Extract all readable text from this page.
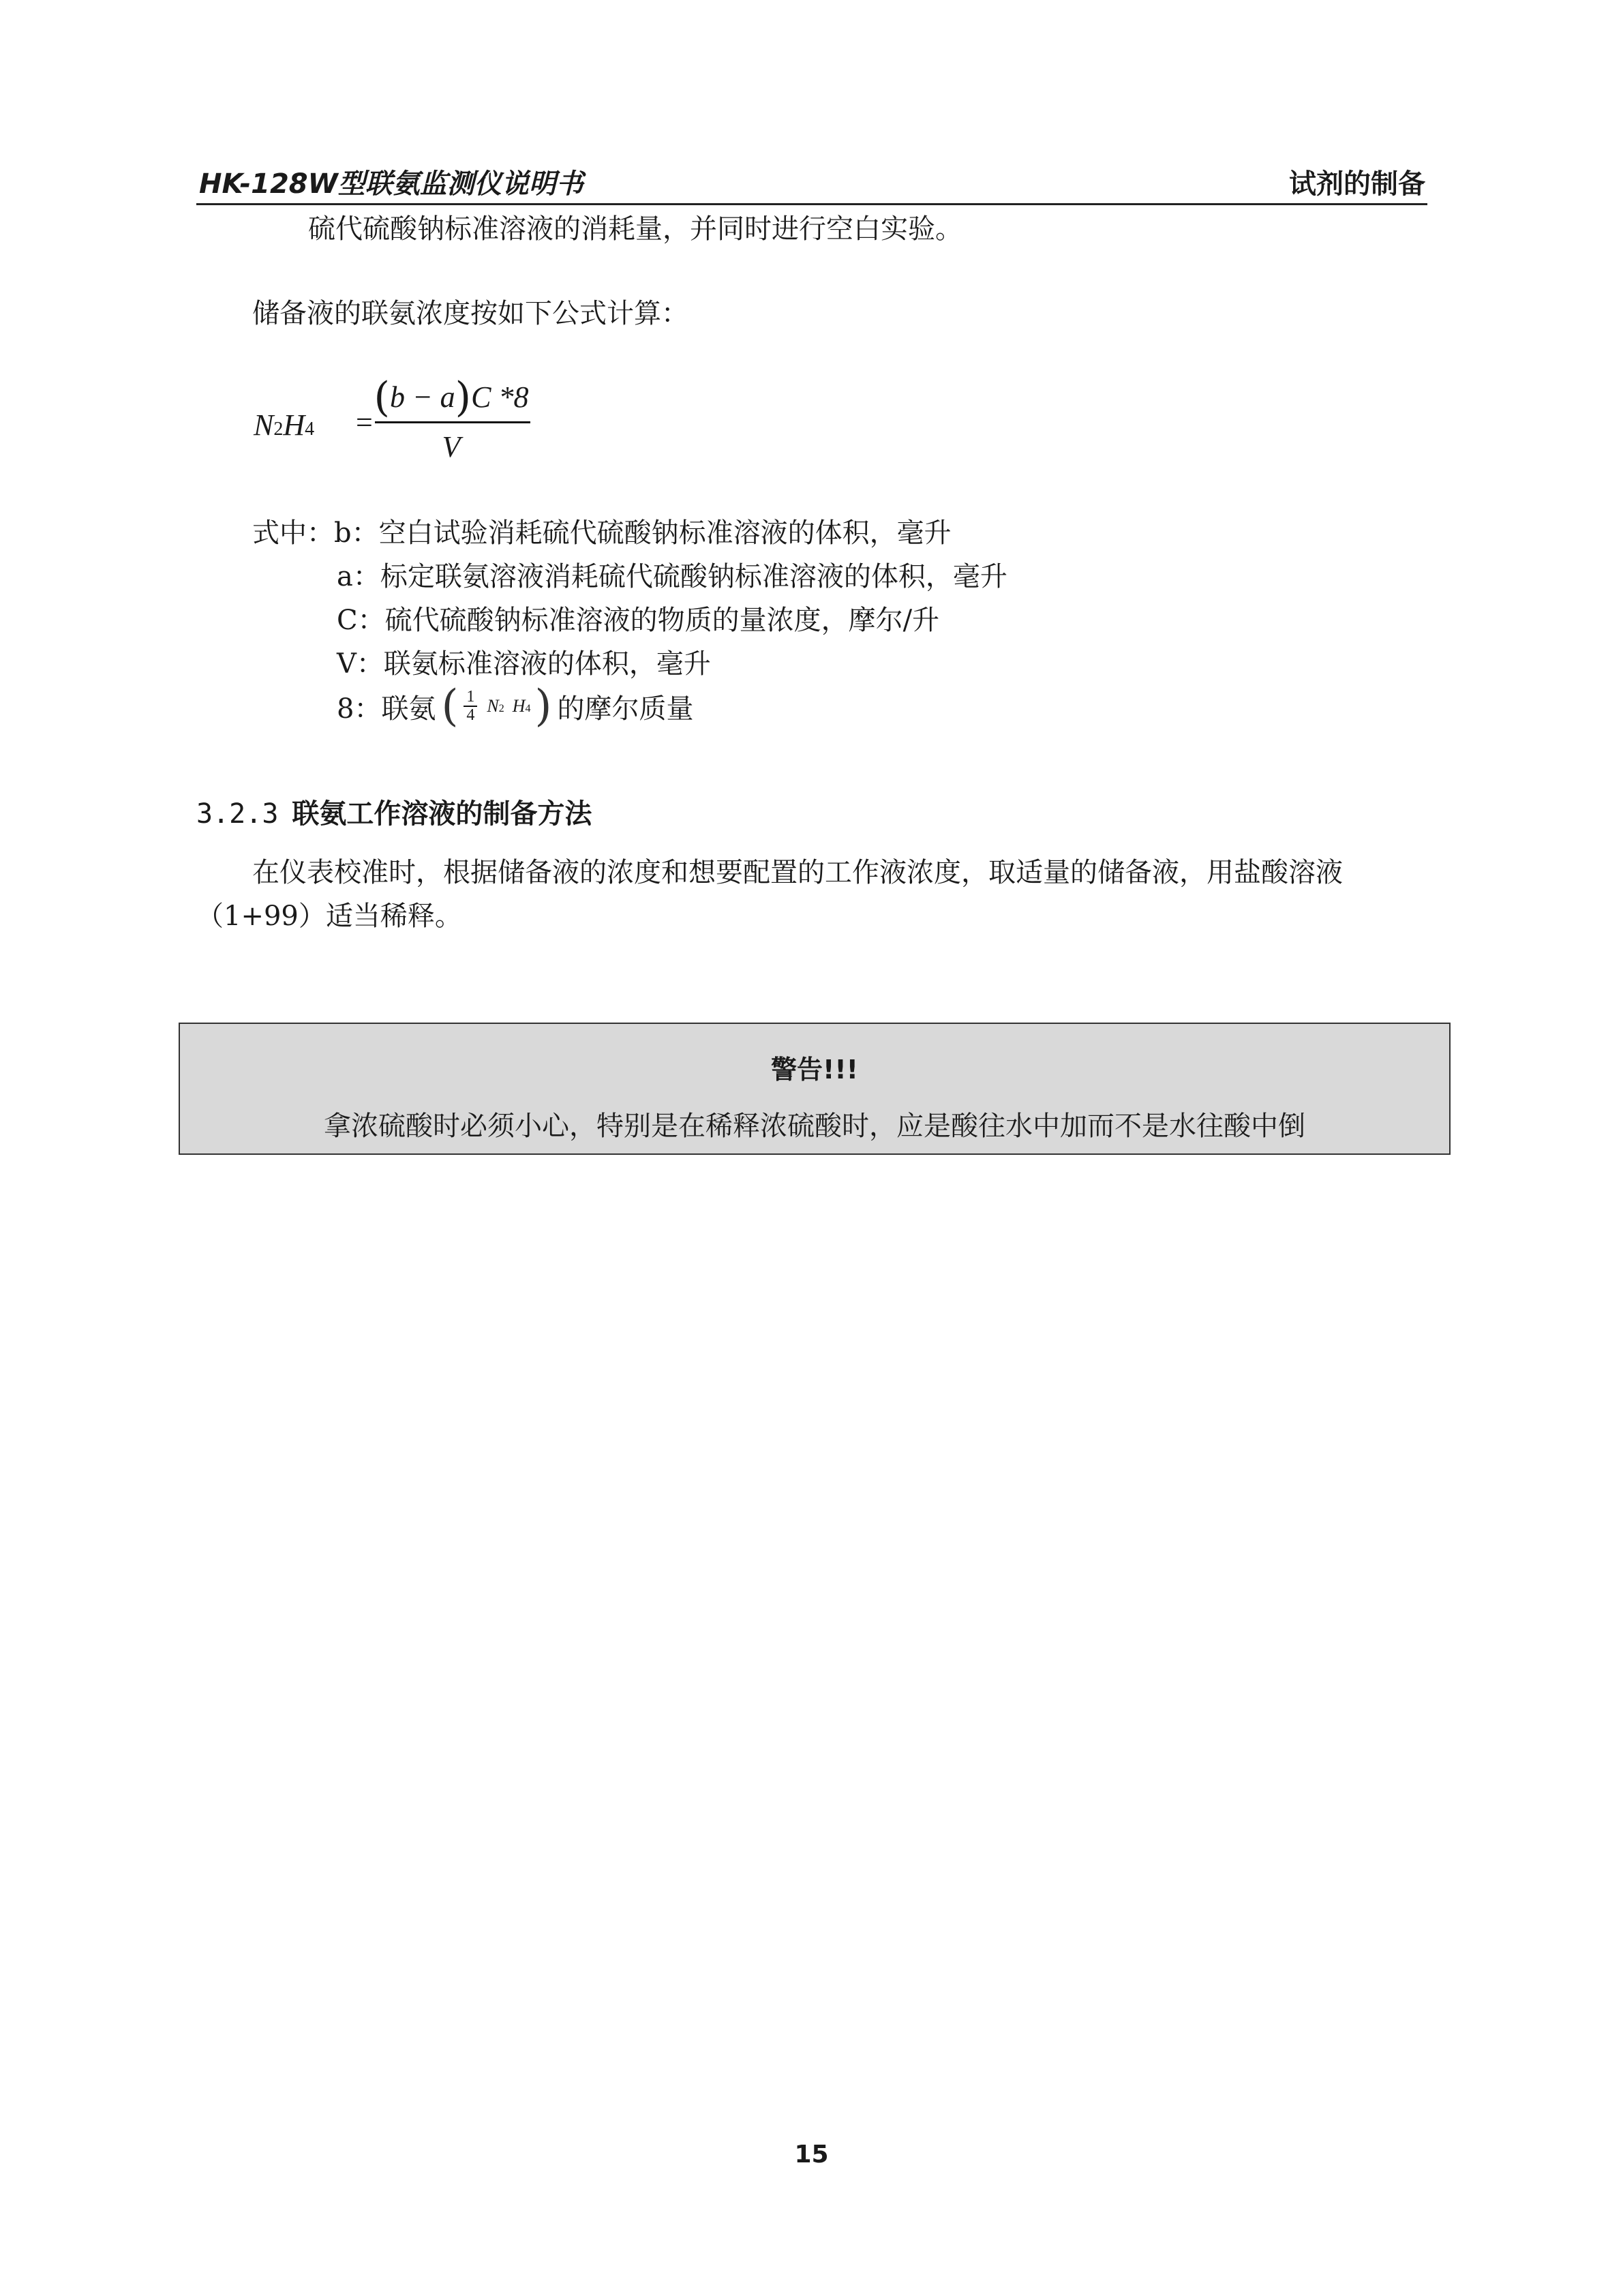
HK-128W型联氨监测仪说明书	试剂的制备
硫代硫酸钠标准溶液的消耗量，并同时进行空白实验。
储备液的联氨浓度按如下公式计算：
N2H4 =
(b − a)C *8
V
式中：b：空白试验消耗硫代硫酸钠标准溶液的体积，毫升
a：标定联氨溶液消耗硫代硫酸钠标准溶液的体积，毫升
C：硫代硫酸钠标准溶液的物质的量浓度，摩尔/升
V：联氨标准溶液的体积，毫升
8：联氨 ( $\frac{1}{4} N2$ H4 ) 的摩尔质量
3.2.3 联氨工作溶液的制备方法
在仪表校准时，根据储备液的浓度和想要配置的工作液浓度，取适量的储备液，用盐酸溶液（1+99）适当稀释。
警告!!!
拿浓硫酸时必须小心，特别是在稀释浓硫酸时，应是酸往水中加而不是水往酸中倒
15
